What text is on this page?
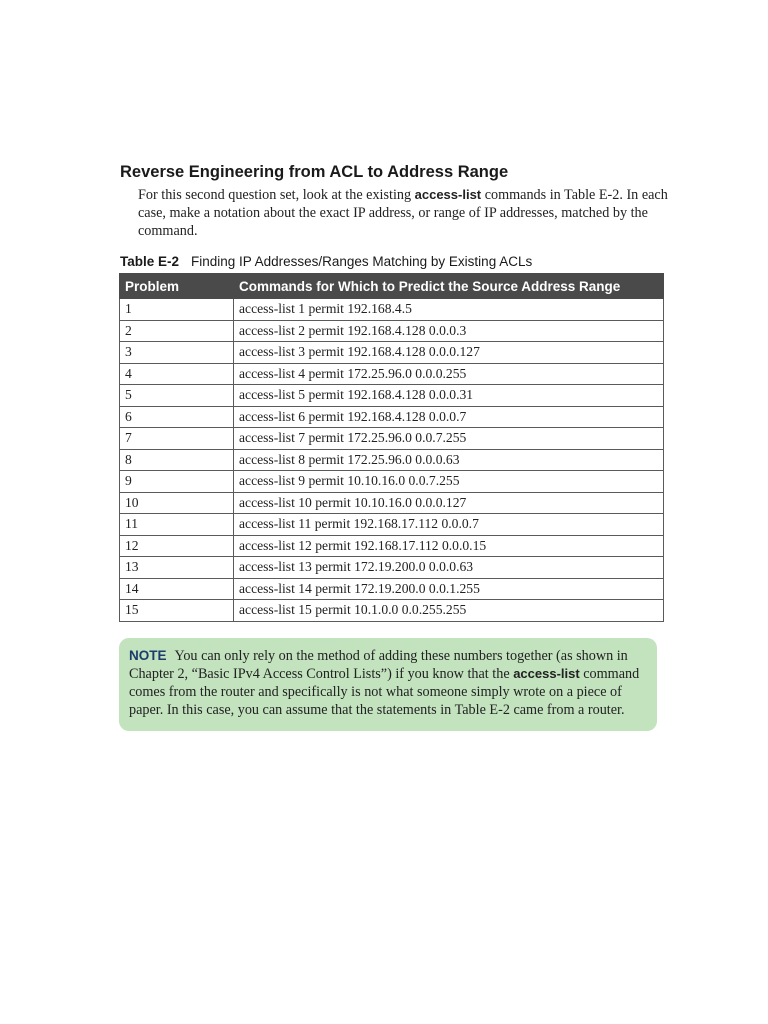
Reverse Engineering from ACL to Address Range

For this second question set, look at the existing access-list commands in Table E-2. In each case, make a notation about the exact IP address, or range of IP addresses, matched by the command.

Table E-2 Finding IP Addresses/Ranges Matching by Existing ACLs

Problem	Commands for Which to Predict the Source Address Range
1	access-list 1 permit 192.168.4.5
2	access-list 2 permit 192.168.4.128 0.0.0.3
3	access-list 3 permit 192.168.4.128 0.0.0.127
4	access-list 4 permit 172.25.96.0 0.0.0.255
5	access-list 5 permit 192.168.4.128 0.0.0.31
6	access-list 6 permit 192.168.4.128 0.0.0.7
7	access-list 7 permit 172.25.96.0 0.0.7.255
8	access-list 8 permit 172.25.96.0 0.0.0.63
9	access-list 9 permit 10.10.16.0 0.0.7.255
10	access-list 10 permit 10.10.16.0 0.0.0.127
11	access-list 11 permit 192.168.17.112 0.0.0.7
12	access-list 12 permit 192.168.17.112 0.0.0.15
13	access-list 13 permit 172.19.200.0 0.0.0.63
14	access-list 14 permit 172.19.200.0 0.0.1.255
15	access-list 15 permit 10.1.0.0 0.0.255.255
NOTE You can only rely on the method of adding these numbers together (as shown in Chapter 2, “Basic IPv4 Access Control Lists”) if you know that the access-list command comes from the router and specifically is not what someone simply wrote on a piece of paper. In this case, you can assume that the statements in Table E-2 came from a router.
